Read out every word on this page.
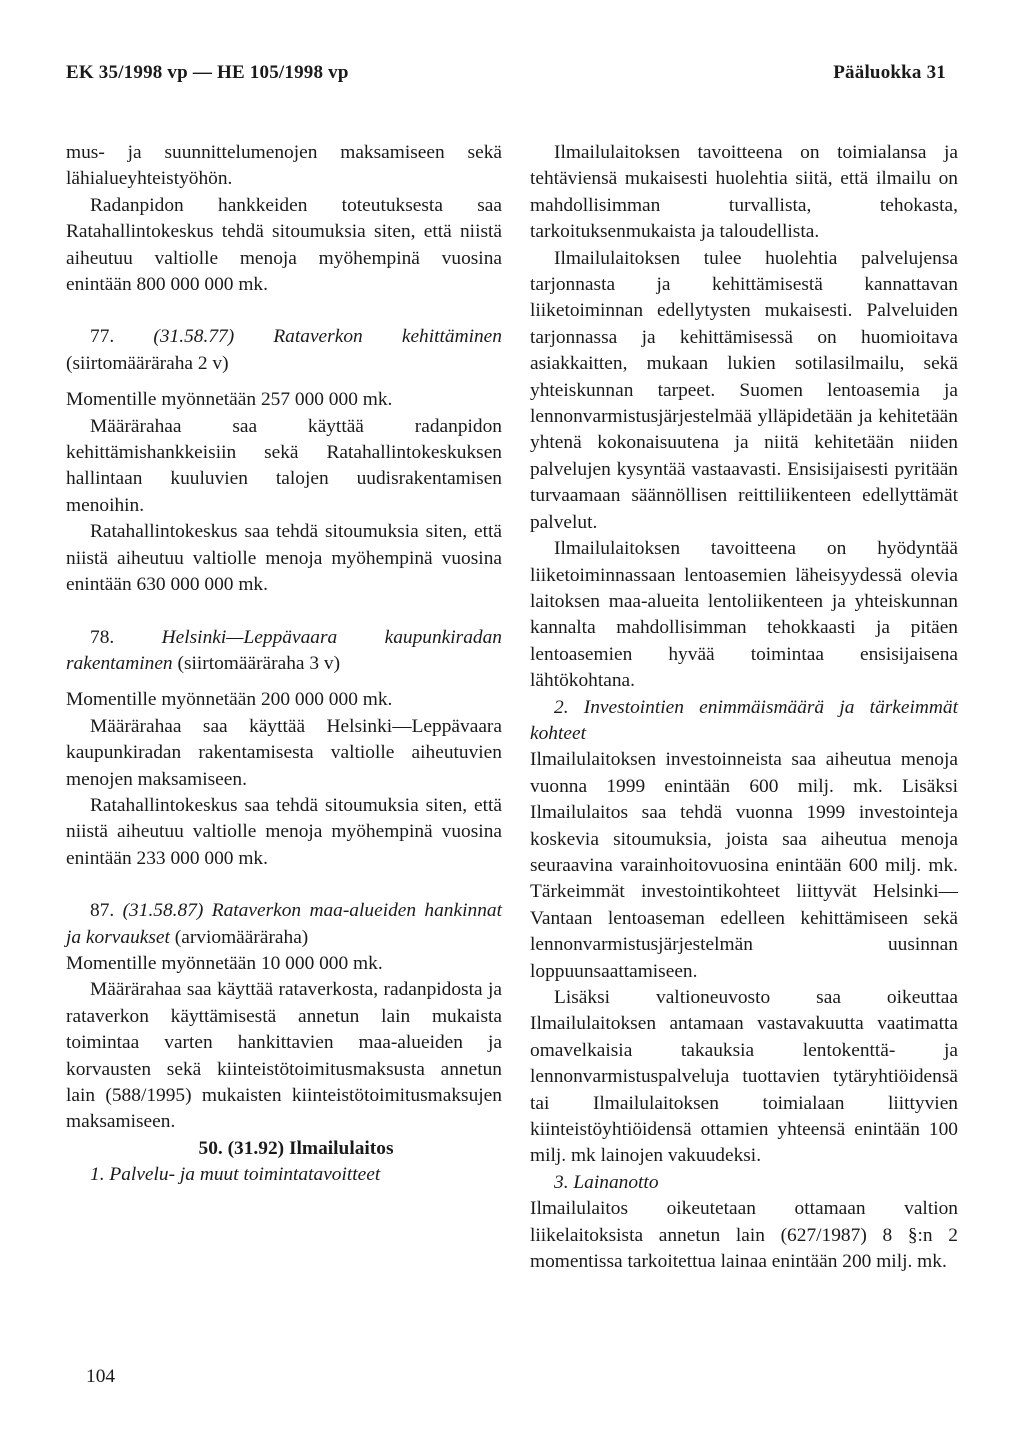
EK 35/1998 vp — HE 105/1998 vp	Pääluokka 31

mus- ja suunnittelumenojen maksamiseen sekä lähialueyhteistyöhön.

Radanpidon hankkeiden toteutuksesta saa Ratahallintokeskus tehdä sitoumuksia siten, että niistä aiheutuu valtiolle menoja myöhempinä vuosina enintään 800 000 000 mk.

77. (31.58.77) Rataverkon kehittäminen (siirtomääräraha 2 v)

Momentille myönnetään 257 000 000 mk.

Määrärahaa saa käyttää radanpidon kehittämishankkeisiin sekä Ratahallintokeskuksen hallintaan kuuluvien talojen uudisrakentamisen menoihin.

Ratahallintokeskus saa tehdä sitoumuksia siten, että niistä aiheutuu valtiolle menoja myöhempinä vuosina enintään 630 000 000 mk.

78. Helsinki—Leppävaara kaupunkiradan rakentaminen (siirtomääräraha 3 v)

Momentille myönnetään 200 000 000 mk.

Määrärahaa saa käyttää Helsinki—Leppävaara kaupunkiradan rakentamisesta valtiolle aiheutuvien menojen maksamiseen.

Ratahallintokeskus saa tehdä sitoumuksia siten, että niistä aiheutuu valtiolle menoja myöhempinä vuosina enintään 233 000 000 mk.

87. (31.58.87) Rataverkon maa-alueiden hankinnat ja korvaukset (arviomääräraha)

Momentille myönnetään 10 000 000 mk.

Määrärahaa saa käyttää rataverkosta, radanpidosta ja rataverkon käyttämisestä annetun lain mukaista toimintaa varten hankittavien maa-alueiden ja korvausten sekä kiinteistötoimitusmaksusta annetun lain (588/1995) mukaisten kiinteistötoimitusmaksujen maksamiseen.

50. (31.92) Ilmailulaitos

1. Palvelu- ja muut toimintatavoitteet

Ilmailulaitoksen tavoitteena on toimialansa ja tehtäviensä mukaisesti huolehtia siitä, että ilmailu on mahdollisimman turvallista, tehokasta, tarkoituksenmukaista ja taloudellista.

Ilmailulaitoksen tulee huolehtia palvelujensa tarjonnasta ja kehittämisestä kannattavan liiketoiminnan edellytysten mukaisesti. Palveluiden tarjonnassa ja kehittämisessä on huomioitava asiakkaitten, mukaan lukien sotilasilmailu, sekä yhteiskunnan tarpeet. Suomen lentoasemia ja lennonvarmistusjärjestelmää ylläpidetään ja kehitetään yhtenä kokonaisuutena ja niitä kehitetään niiden palvelujen kysyntää vastaavasti. Ensisijaisesti pyritään turvaamaan säännöllisen reittiliikenteen edellyttämät palvelut.

Ilmailulaitoksen tavoitteena on hyödyntää liiketoiminnassaan lentoasemien läheisyydessä olevia laitoksen maa-alueita lentoliikenteen ja yhteiskunnan kannalta mahdollisimman tehokkaasti ja pitäen lentoasemien hyvää toimintaa ensisijaisena lähtökohtana.

2. Investointien enimmäismäärä ja tärkeimmät kohteet

Ilmailulaitoksen investoinneista saa aiheutua menoja vuonna 1999 enintään 600 milj. mk. Lisäksi Ilmailulaitos saa tehdä vuonna 1999 investointeja koskevia sitoumuksia, joista saa aiheutua menoja seuraavina varainhoitovuosina enintään 600 milj. mk. Tärkeimmät investointikohteet liittyvät Helsinki—Vantaan lentoaseman edelleen kehittämiseen sekä lennonvarmistusjärjestelmän uusinnan loppuunsaattamiseen.

Lisäksi valtioneuvosto saa oikeuttaa Ilmailulaitoksen antamaan vastavakuutta vaatimatta omavelkaisia takauksia lentokenttä- ja lennonvarmistuspalveluja tuottavien tytäryhtiöidensä tai Ilmailulaitoksen toimialaan liittyvien kiinteistöyhtiöidensä ottamien yhteensä enintään 100 milj. mk lainojen vakuudeksi.

3. Lainanotto

Ilmailulaitos oikeutetaan ottamaan valtion liikelaitoksista annetun lain (627/1987) 8 §:n 2 momentissa tarkoitettua lainaa enintään 200 milj. mk.

104
